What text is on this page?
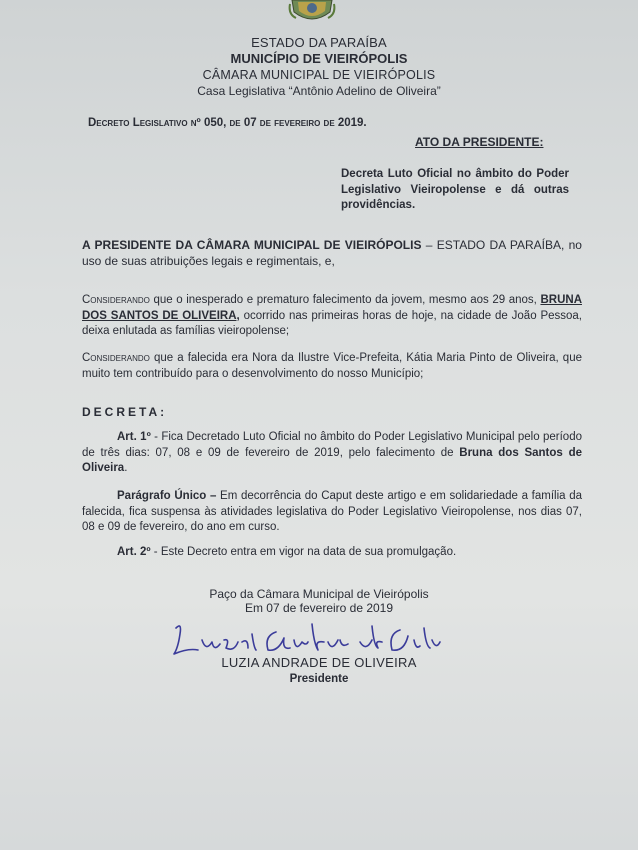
ESTADO DA PARAÍBA
MUNICÍPIO DE VIEIRÓPOLIS
CÂMARA MUNICIPAL DE VIEIRÓPOLIS
Casa Legislativa “Antônio Adelino de Oliveira”
Decreto Legislativo nº 050, de 07 de fevereiro de 2019.
ATO DA PRESIDENTE:
Decreta Luto Oficial no âmbito do Poder Legislativo Vieiropolense e dá outras providências.
A PRESIDENTE DA CÂMARA MUNICIPAL DE VIEIRÓPOLIS – ESTADO DA PARAÍBA, no uso de suas atribuições legais e regimentais, e,
Considerando que o inesperado e prematuro falecimento da jovem, mesmo aos 29 anos, BRUNA DOS SANTOS DE OLIVEIRA, ocorrido nas primeiras horas de hoje, na cidade de João Pessoa, deixa enlutada as famílias vieiropolense;
Considerando que a falecida era Nora da Ilustre Vice-Prefeita, Kátia Maria Pinto de Oliveira, que muito tem contribuído para o desenvolvimento do nosso Município;
DECRETA:
Art. 1º - Fica Decretado Luto Oficial no âmbito do Poder Legislativo Municipal pelo período de três dias: 07, 08 e 09 de fevereiro de 2019, pelo falecimento de Bruna dos Santos de Oliveira.
Parágrafo Único – Em decorrência do Caput deste artigo e em solidariedade a família da falecida, fica suspensa às atividades legislativa do Poder Legislativo Vieiropolense, nos dias 07, 08 e 09 de fevereiro, do ano em curso.
Art. 2º - Este Decreto entra em vigor na data de sua promulgação.
Paço da Câmara Municipal de Vieirópolis
Em 07 de fevereiro de 2019
LUZIA ANDRADE DE OLIVEIRA
Presidente
